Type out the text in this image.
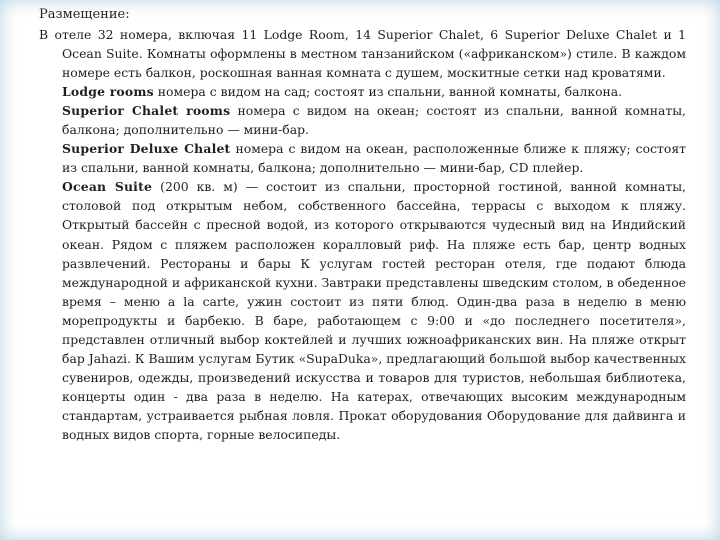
Размещение:

В отеле 32 номера, включая 11 Lodge Room, 14 Superior Chalet, 6 Superior Deluxe Chalet и 1 Ocean Suite. Комнаты оформлены в местном танзанийском («африканском») стиле. В каждом номере есть балкон, роскошная ванная комната с душем, москитные сетки над кроватями.

Lodge rooms номера с видом на сад; состоят из спальни, ванной комнаты, балкона.

Superior Chalet rooms номера с видом на океан; состоят из спальни, ванной комнаты, балкона; дополнительно — мини-бар.

Superior Deluxe Chalet номера с видом на океан, расположенные ближе к пляжу; состоят из спальни, ванной комнаты, балкона; дополнительно — мини-бар, CD плейер.

Ocean Suite (200 кв. м) — состоит из спальни, просторной гостиной, ванной комнаты, столовой под открытым небом, собственного бассейна, террасы с выходом к пляжу. Открытый бассейн с пресной водой, из которого открываются чудесный вид на Индийский океан. Рядом с пляжем расположен коралловый риф. На пляже есть бар, центр водных развлечений. Рестораны и бары К услугам гостей ресторан отеля, где подают блюда международной и африканской кухни. Завтраки представлены шведским столом, в обеденное время – меню a la carte, ужин состоит из пяти блюд. Один-два раза в неделю в меню морепродукты и барбекю. В баре, работающем с 9:00 и «до последнего посетителя», представлен отличный выбор коктейлей и лучших южноафриканских вин. На пляже открыт бар Jahazi. К Вашим услугам Бутик «SupaDuka», предлагающий большой выбор качественных сувениров, одежды, произведений искусства и товаров для туристов, небольшая библиотека, концерты один - два раза в неделю. На катерах, отвечающих высоким международным стандартам, устраивается рыбная ловля. Прокат оборудования Оборудование для дайвинга и водных видов спорта, горные велосипеды.
